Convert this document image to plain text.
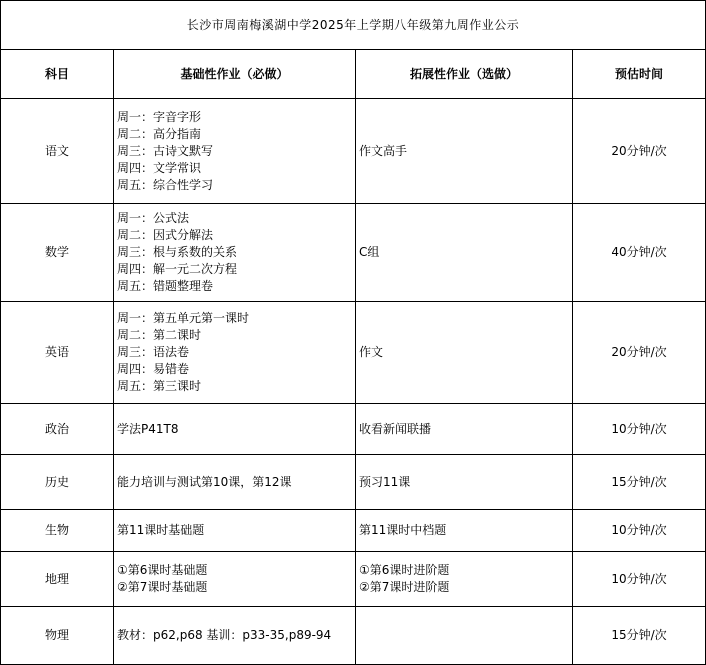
长沙市周南梅溪湖中学2025年上学期八年级第九周作业公示			
科目	基础性作业（必做）	拓展性作业（选做）	预估时间
语文	周一：字音字形
周二：高分指南
周三：古诗文默写
周四：文学常识
周五：综合性学习	作文高手	20分钟/次
数学	周一：公式法
周二：因式分解法
周三：根与系数的关系
周四：解一元二次方程
周五：错题整理卷	C组	40分钟/次
英语	周一：第五单元第一课时
周二：第二课时
周三：语法卷
周四：易错卷
周五：第三课时	作文	20分钟/次
政治	学法P41T8	收看新闻联播	10分钟/次
历史	能力培训与测试第10课，第12课	预习11课	15分钟/次
生物	第11课时基础题	第11课时中档题	10分钟/次
地理	①第6课时基础题
②第7课时基础题	①第6课时进阶题
②第7课时进阶题	10分钟/次
物理	教材：p62,p68 基训：p33-35,p89-94		15分钟/次
